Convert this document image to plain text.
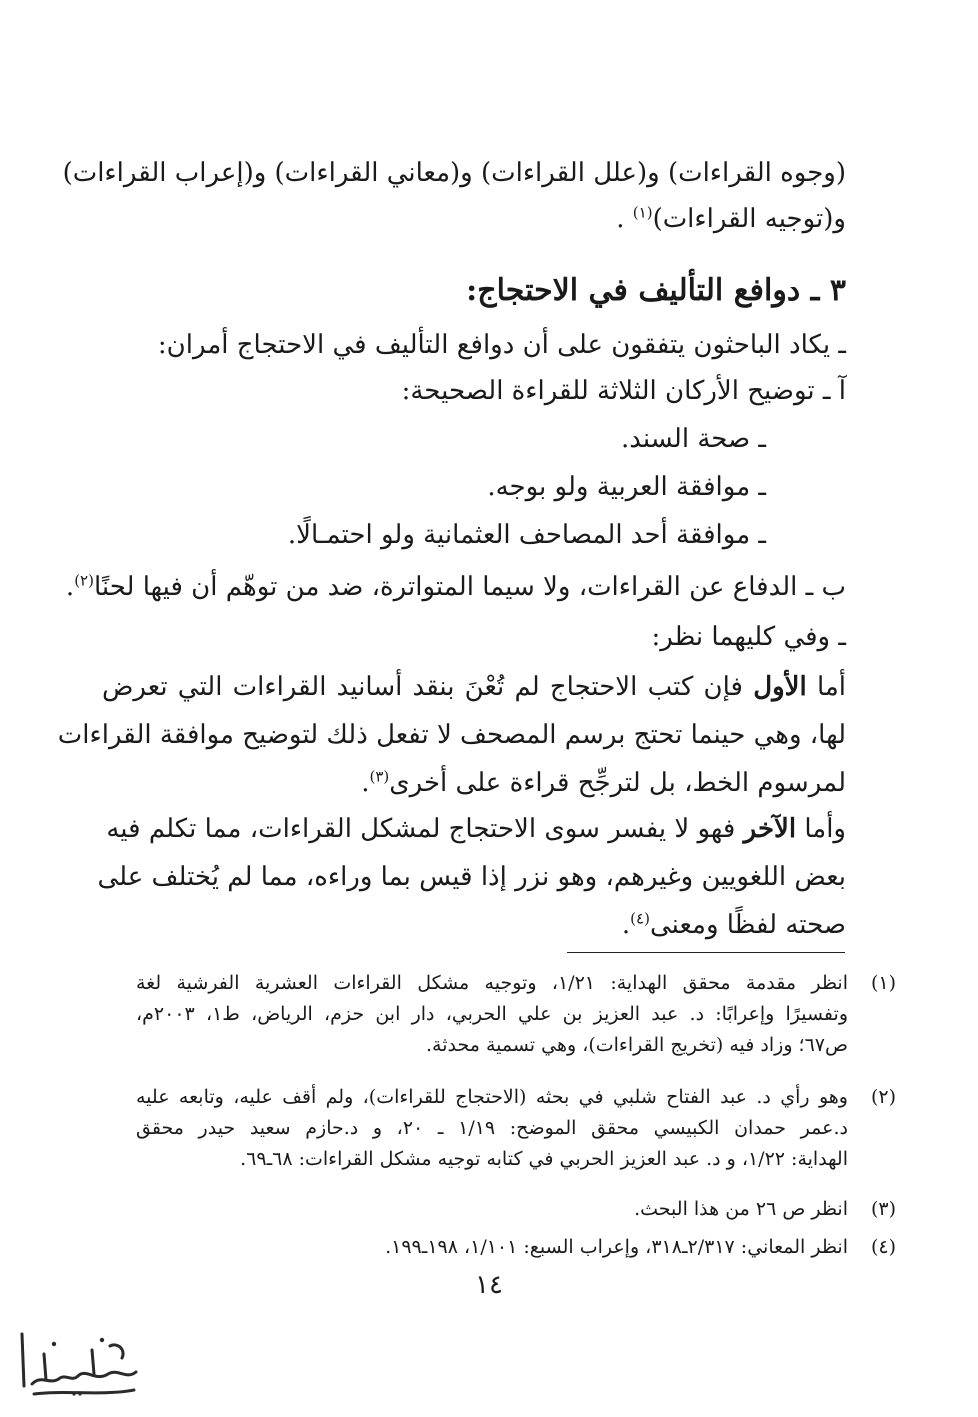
(وجوه القراءات) و(علل القراءات) و(معاني القراءات) و(إعراب القراءات)
و(توجيه القراءات)$^{(١)}$ .
٣ ـ دوافع التأليف في الاحتجاج:
ـ يكاد الباحثون يتفقون على أن دوافع التأليف في الاحتجاج أمران:
آ ـ توضيح الأركان الثلاثة للقراءة الصحيحة:
ـ صحة السند.
ـ موافقة العربية ولو بوجه.
ـ موافقة أحد المصاحف العثمانية ولو احتمـالًا.
ب ـ الدفاع عن القراءات، ولا سيما المتواترة، ضد من توهّم أن فيها لحنًا$^{(٢)}$.
ـ وفي كليهما نظر:
أما الأول فإن كتب الاحتجاج لم تُعْنَ بنقد أسانيد القراءات التي تعرض
لها، وهي حينما تحتج برسم المصحف لا تفعل ذلك لتوضيح موافقة القراءات
لمرسوم الخط، بل لترجِّح قراءة على أخرى$^{(٣)}$.
وأما الآخر فهو لا يفسر سوى الاحتجاج لمشكل القراءات، مما تكلم فيه
بعض اللغويين وغيرهم، وهو نزر إذا قيس بما وراءه، مما لم يُختلف على
صحته لفظًا ومعنى$^{(٤)}$.
(١)
انظر مقدمة محقق الهداية: ١/٢١، وتوجيه مشكل القراءات العشرية الفرشية لغة
وتفسيرًا وإعرابًا: د. عبد العزيز بن علي الحربي، دار ابن حزم، الرياض، ط١، ٢٠٠٣م،
ص٦٧؛ وزاد فيه (تخريج القراءات)، وهي تسمية محدثة.
(٢)
وهو رأي د. عبد الفتاح شلبي في بحثه (الاحتجاج للقراءات)، ولم أقف عليه، وتابعه عليه
د.عمر حمدان الكبيسي محقق الموضح: ١/١٩ ـ ٢٠، و د.حازم سعيد حيدر محقق
الهداية: ١/٢٢، و د. عبد العزيز الحربي في كتابه توجيه مشكل القراءات: ٦٨ـ٦٩.
(٣)
انظر ص ٢٦ من هذا البحث.
(٤)
انظر المعاني: ٢/٣١٧ـ٣١٨، وإعراب السبع: ١/١٠١، ١٩٨ـ١٩٩.
١٤
